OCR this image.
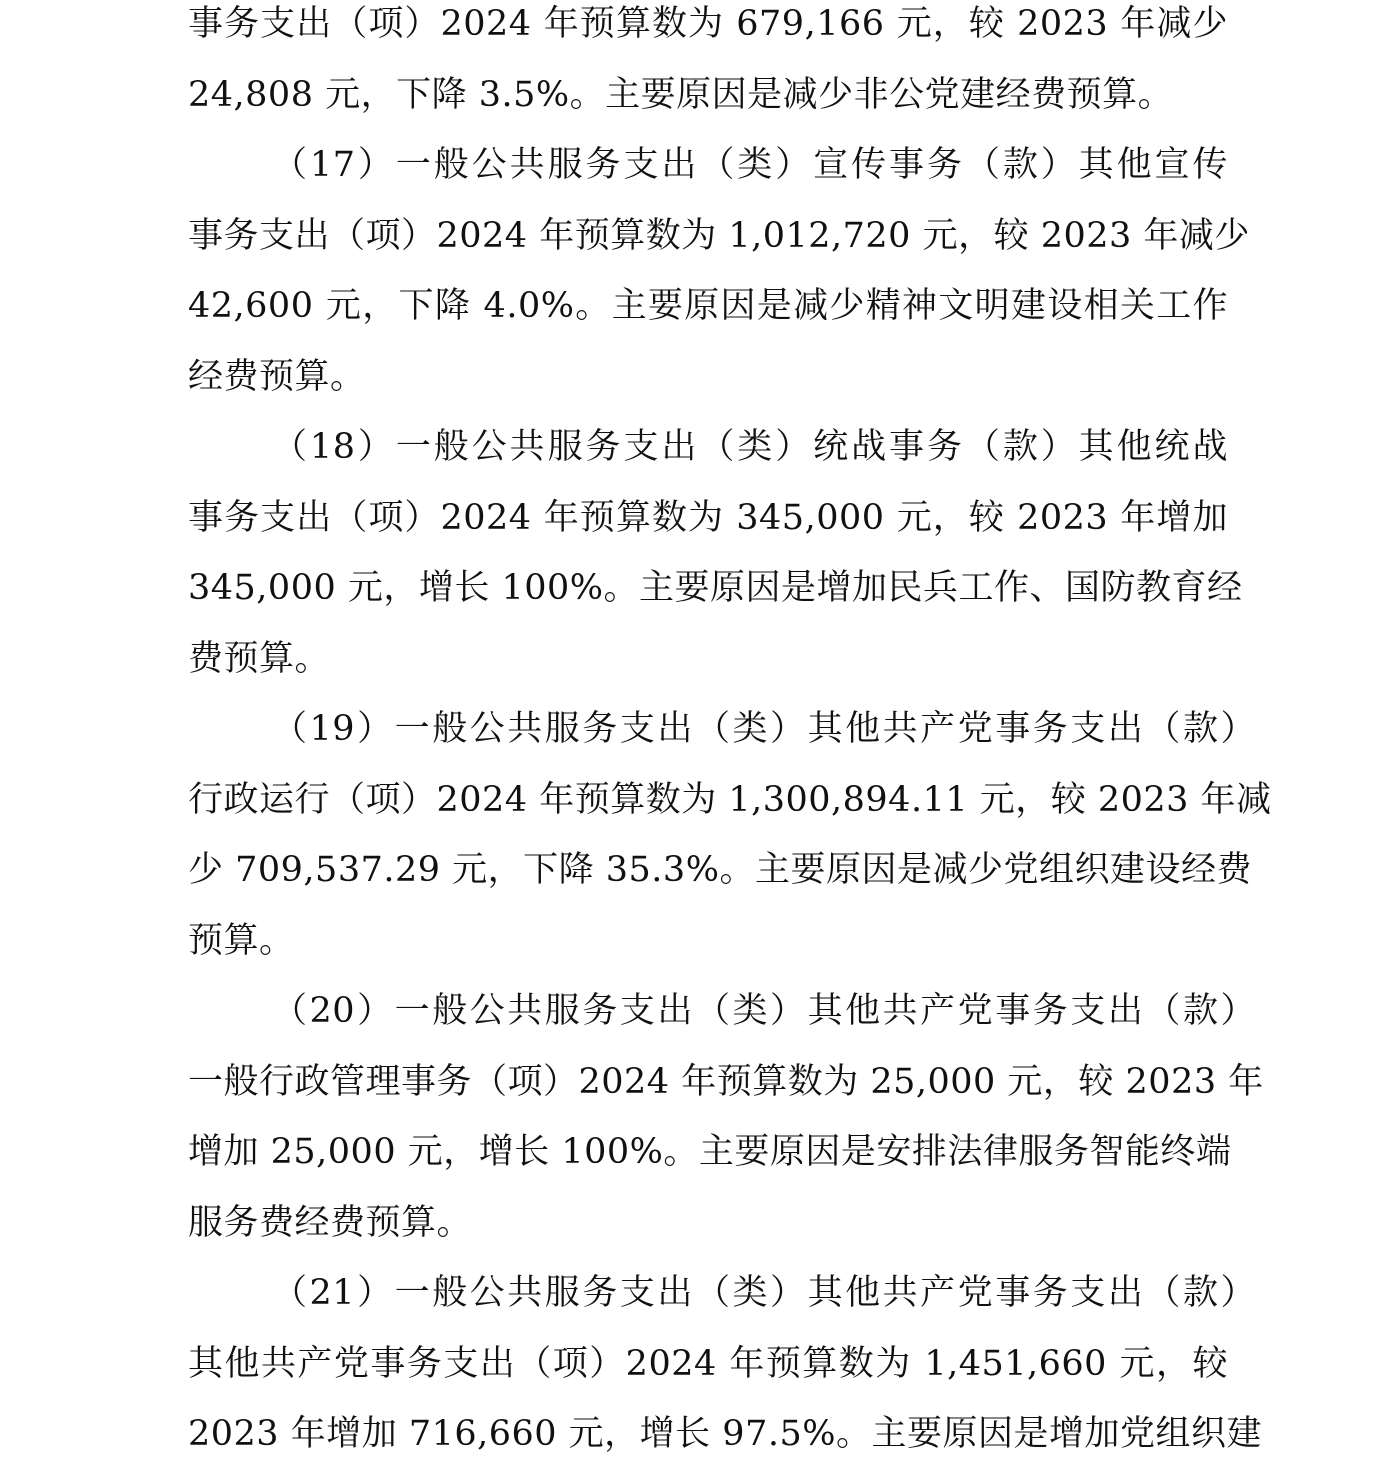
事务支出（项）2024 年预算数为 679,166 元，较 2023 年减少
24,808 元，下降 3.5%。主要原因是减少非公党建经费预算。
（17）一般公共服务支出（类）宣传事务（款）其他宣传
事务支出（项）2024 年预算数为 1,012,720 元，较 2023 年减少
42,600 元，下降 4.0%。主要原因是减少精神文明建设相关工作
经费预算。
（18）一般公共服务支出（类）统战事务（款）其他统战
事务支出（项）2024 年预算数为 345,000 元，较 2023 年增加
345,000 元，增长 100%。主要原因是增加民兵工作、国防教育经
费预算。
（19）一般公共服务支出（类）其他共产党事务支出（款）
行政运行（项）2024 年预算数为 1,300,894.11 元，较 2023 年减
少 709,537.29 元，下降 35.3%。主要原因是减少党组织建设经费
预算。
（20）一般公共服务支出（类）其他共产党事务支出（款）
一般行政管理事务（项）2024 年预算数为 25,000 元，较 2023 年
增加 25,000 元，增长 100%。主要原因是安排法律服务智能终端
服务费经费预算。
（21）一般公共服务支出（类）其他共产党事务支出（款）
其他共产党事务支出（项）2024 年预算数为 1,451,660 元，较
2023 年增加 716,660 元，增长 97.5%。主要原因是增加党组织建
